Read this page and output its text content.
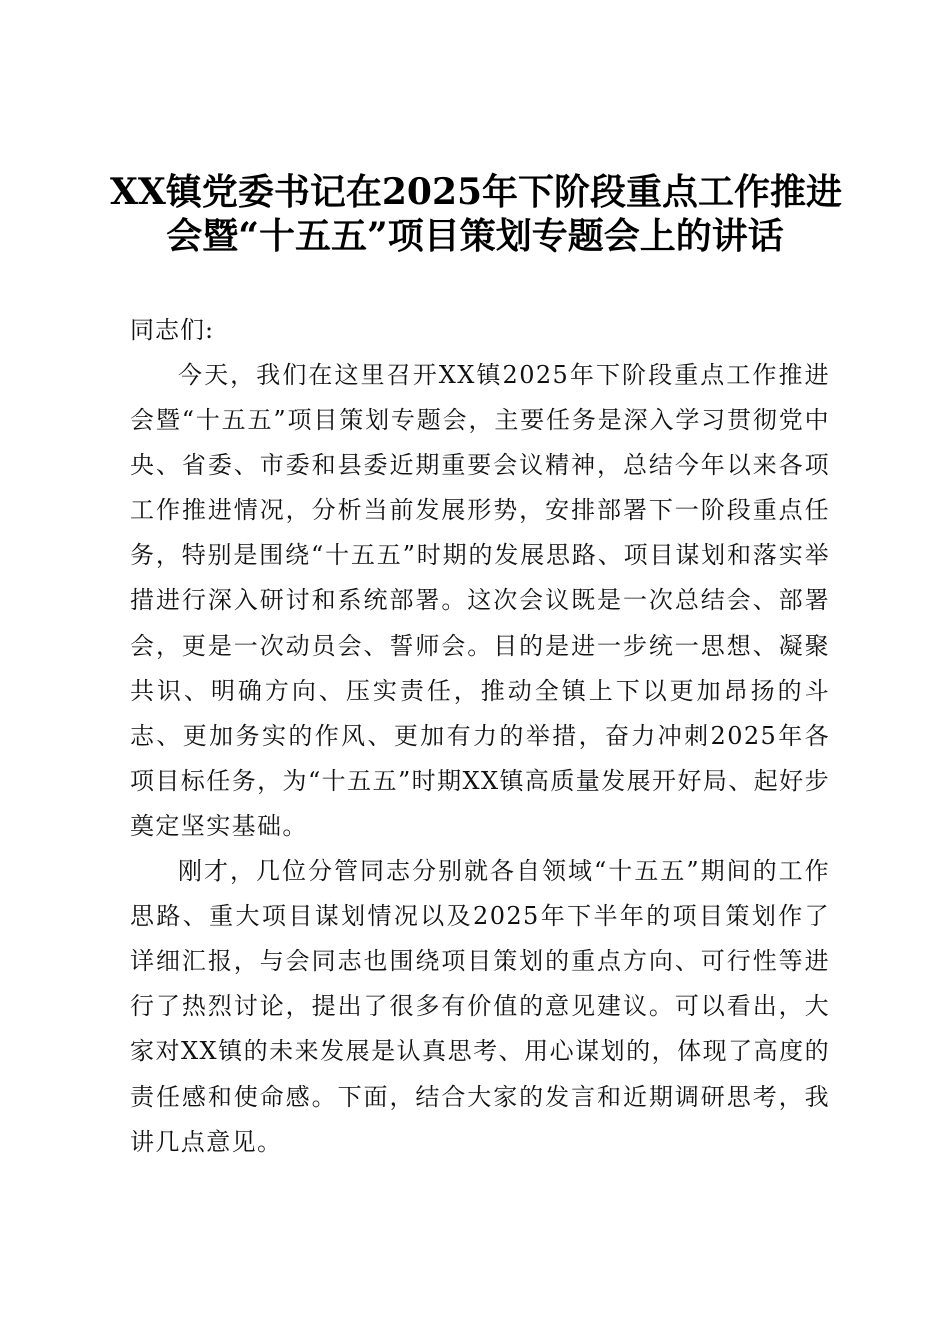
XX镇党委书记在2025年下阶段重点工作推进
会暨“十五五”项目策划专题会上的讲话

同志们:

今天，我们在这里召开XX镇2025年下阶段重点工作推进会暨“十五五”项目策划专题会，主要任务是深入学习贯彻党中央、省委、市委和县委近期重要会议精神，总结今年以来各项工作推进情况，分析当前发展形势，安排部署下一阶段重点任务，特别是围绕“十五五”时期的发展思路、项目谋划和落实举措进行深入研讨和系统部署。这次会议既是一次总结会、部署会，更是一次动员会、誓师会。目的是进一步统一思想、凝聚共识、明确方向、压实责任，推动全镇上下以更加昂扬的斗志、更加务实的作风、更加有力的举措，奋力冲刺2025年各项目标任务，为“十五五”时期XX镇高质量发展开好局、起好步奠定坚实基础。

刚才，几位分管同志分别就各自领域“十五五”期间的工作思路、重大项目谋划情况以及2025年下半年的项目策划作了详细汇报，与会同志也围绕项目策划的重点方向、可行性等进行了热烈讨论，提出了很多有价值的意见建议。可以看出，大家对XX镇的未来发展是认真思考、用心谋划的，体现了高度的责任感和使命感。下面，结合大家的发言和近期调研思考，我讲几点意见。
